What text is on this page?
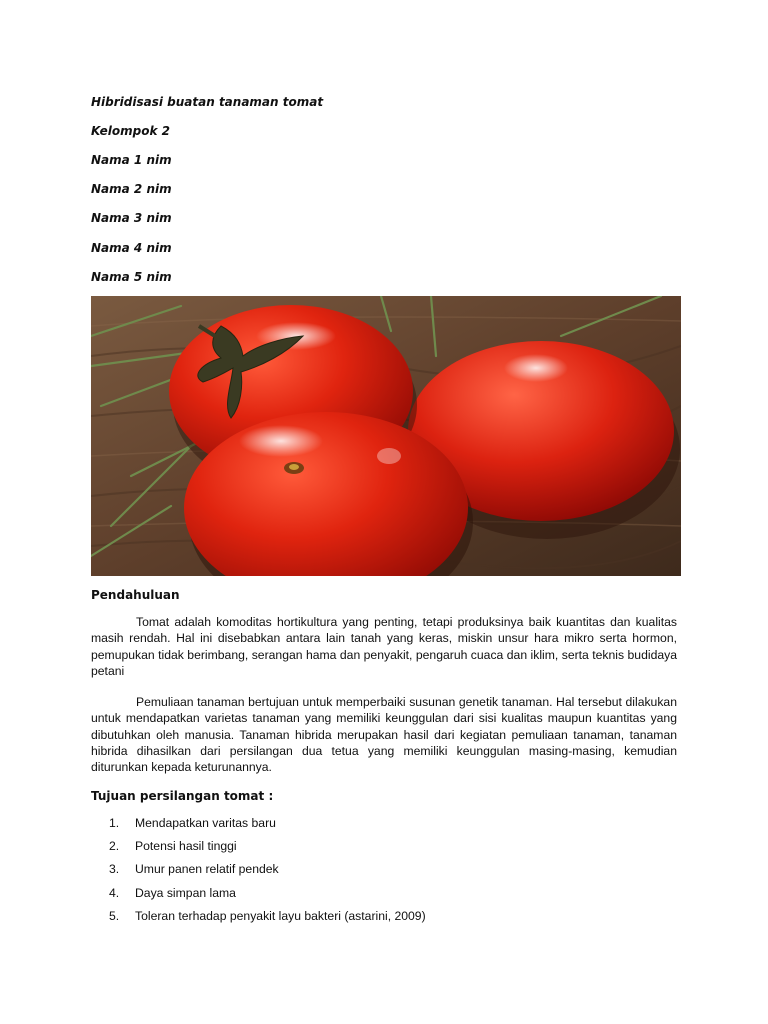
Hibridisasi buatan tanaman tomat
Kelompok 2
Nama 1 nim
Nama 2 nim
Nama 3 nim
Nama 4 nim
Nama 5 nim
Pendahuluan

Tomat adalah komoditas hortikultura yang penting, tetapi produksinya baik kuantitas dan kualitas masih rendah. Hal ini disebabkan antara lain tanah yang keras, miskin unsur hara mikro serta hormon, pemupukan tidak berimbang, serangan hama dan penyakit, pengaruh cuaca dan iklim, serta teknis budidaya petani

Pemuliaan tanaman bertujuan untuk memperbaiki susunan genetik tanaman. Hal tersebut dilakukan untuk mendapatkan varietas tanaman yang memiliki keunggulan dari sisi kualitas maupun kuantitas yang dibutuhkan oleh manusia. Tanaman hibrida merupakan hasil dari kegiatan pemuliaan tanaman, tanaman hibrida dihasilkan dari persilangan dua tetua yang memiliki keunggulan masing-masing, kemudian diturunkan kepada keturunannya.

Tujuan persilangan tomat :
1. Mendapatkan varitas baru
2. Potensi hasil tinggi
3. Umur panen relatif pendek
4. Daya simpan lama
5. Toleran terhadap penyakit layu bakteri (astarini, 2009)
